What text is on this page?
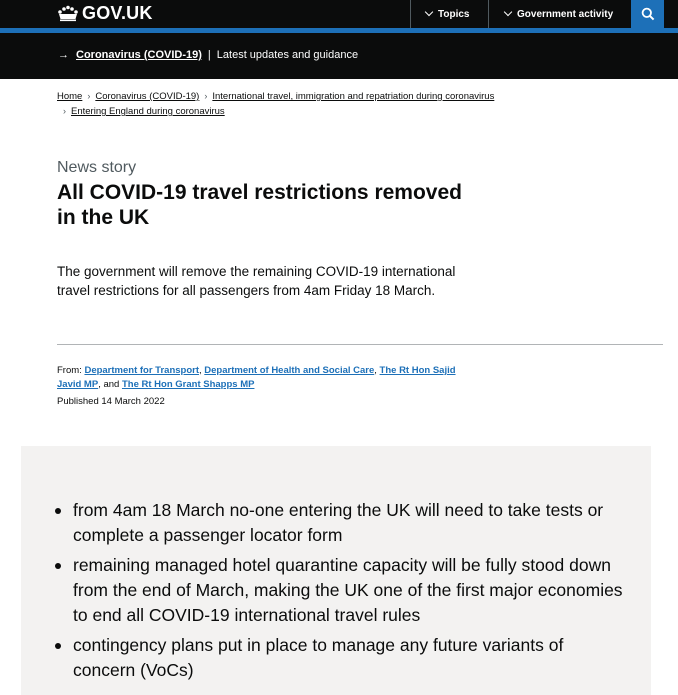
GOV.UK	Topics	Government activity
→ Coronavirus (COVID-19) | Latest updates and guidance
Home › Coronavirus (COVID-19) › International travel, immigration and repatriation during coronavirus
› Entering England during coronavirus
News story
All COVID-19 travel restrictions removed in the UK

The government will remove the remaining COVID-19 international travel restrictions for all passengers from 4am Friday 18 March.

From: Department for Transport, Department of Health and Social Care, The Rt Hon Sajid Javid MP, and The Rt Hon Grant Shapps MP
Published 14 March 2022
from 4am 18 March no-one entering the UK will need to take tests or complete a passenger locator form
remaining managed hotel quarantine capacity will be fully stood down from the end of March, making the UK one of the first major economies to end all COVID-19 international travel rules
contingency plans put in place to manage any future variants of concern (VoCs)
